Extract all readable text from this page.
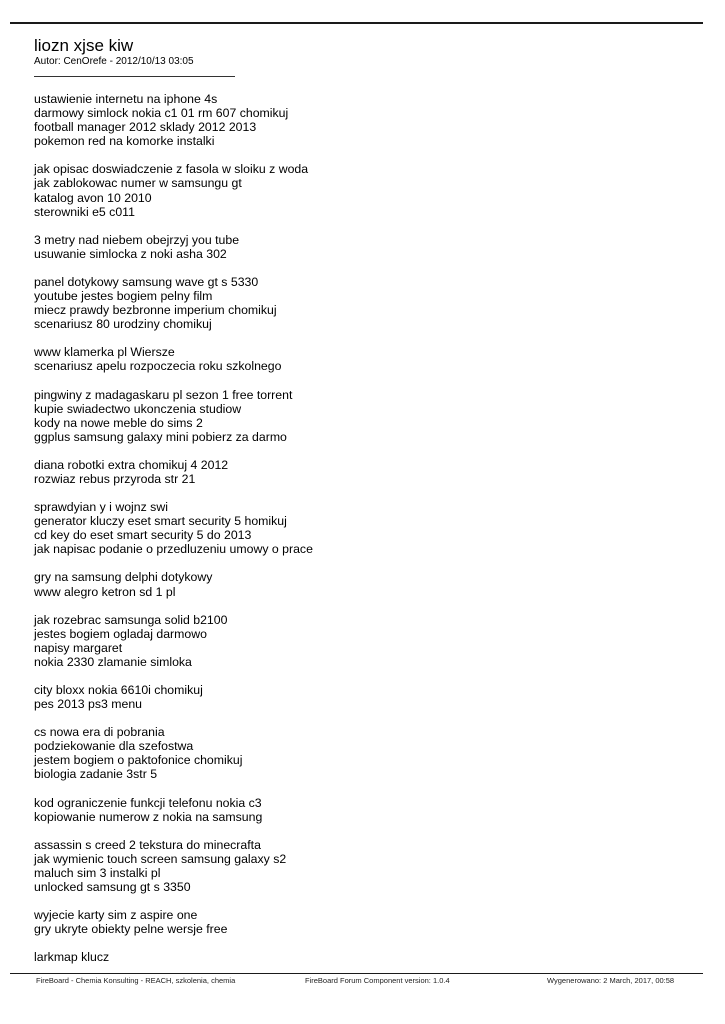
liozn xjse kiw
Autor: CenOrefe - 2012/10/13 03:05
ustawienie internetu na iphone 4s
darmowy simlock nokia c1 01 rm 607 chomikuj
football manager 2012 sklady 2012 2013
pokemon red na komorke instalki
jak opisac doswiadczenie z fasola w sloiku z woda
jak zablokowac numer w samsungu gt
katalog avon 10 2010
sterowniki e5 c011
3 metry nad niebem obejrzyj you tube
usuwanie simlocka z noki asha 302
panel dotykowy samsung wave gt s 5330
youtube jestes bogiem pelny film
miecz prawdy bezbronne imperium chomikuj
scenariusz 80 urodziny chomikuj
www klamerka pl Wiersze
scenariusz apelu rozpoczecia roku szkolnego
pingwiny z madagaskaru pl sezon 1 free torrent
kupie swiadectwo ukonczenia studiow
kody na nowe meble do sims 2
ggplus samsung galaxy mini pobierz za darmo
diana robotki extra chomikuj 4 2012
rozwiaz rebus przyroda str 21
sprawdyian y i wojnz swi
generator kluczy eset smart security 5 homikuj
cd key do eset smart security 5 do 2013
jak napisac podanie o przedluzeniu umowy o prace
gry na samsung delphi dotykowy
www alegro ketron sd 1 pl
jak rozebrac samsunga solid b2100
jestes bogiem ogladaj darmowo
napisy margaret
nokia 2330 zlamanie simloka
city bloxx nokia 6610i chomikuj
pes 2013 ps3 menu
cs nowa era di pobrania
podziekowanie dla szefostwa
jestem bogiem o paktofonice chomikuj
biologia zadanie 3str 5
kod ograniczenie funkcji telefonu nokia c3
kopiowanie numerow z nokia na samsung
assassin s creed 2 tekstura do minecrafta
jak wymienic touch screen samsung galaxy s2
maluch sim 3 instalki pl
unlocked samsung gt s 3350
wyjecie karty sim z aspire one
gry ukryte obiekty pelne wersje free
larkmap klucz
FireBoard - Chemia Konsulting - REACH, szkolenia, chemia	FireBoard Forum Component version: 1.0.4	Wygenerowano: 2 March, 2017, 00:58
